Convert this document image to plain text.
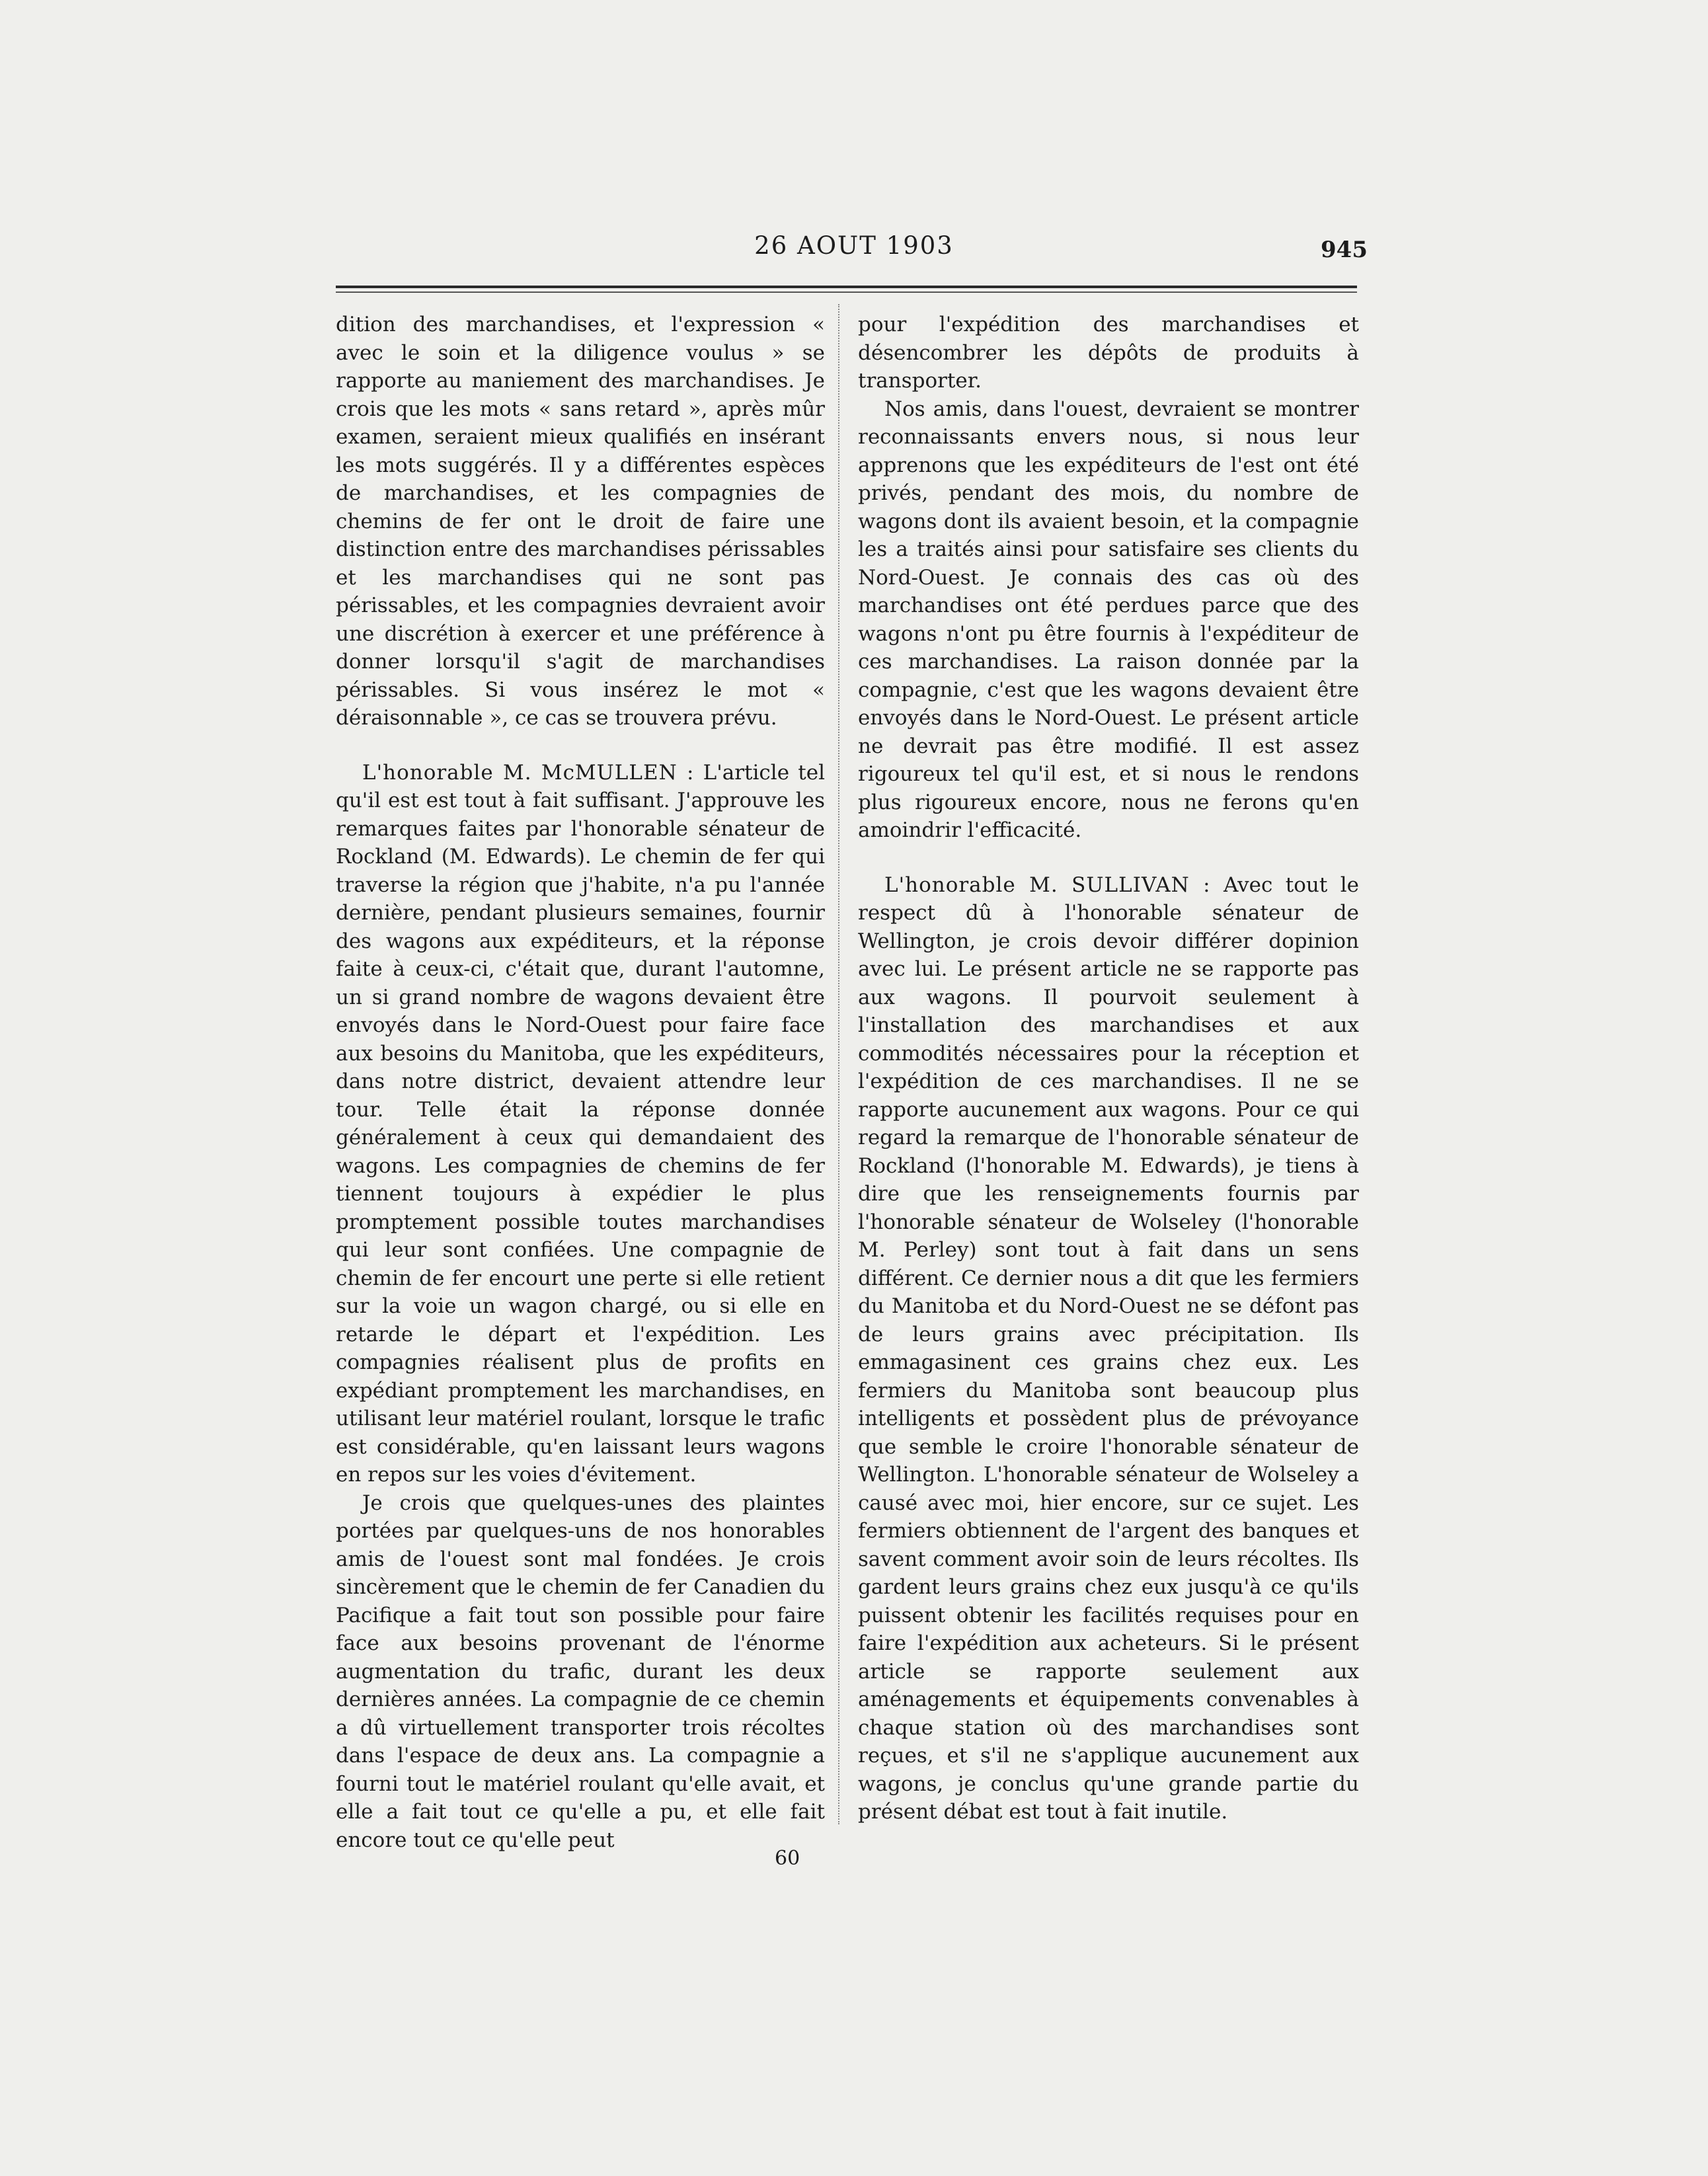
26 AOUT 1903	945

dition des marchandises, et l'expression « avec le soin et la diligence voulus » se rapporte au maniement des marchandises. Je crois que les mots « sans retard », après mûr examen, seraient mieux qualifiés en insérant les mots suggérés. Il y a différentes espèces de marchandises, et les compagnies de chemins de fer ont le droit de faire une distinction entre des marchandises périssables et les marchandises qui ne sont pas périssables, et les compagnies devraient avoir une discrétion à exercer et une préférence à donner lorsqu'il s'agit de marchandises périssables. Si vous insérez le mot « déraisonnable », ce cas se trouvera prévu.

L'honorable M. McMULLEN : L'article tel qu'il est est tout à fait suffisant. J'approuve les remarques faites par l'honorable sénateur de Rockland (M. Edwards). Le chemin de fer qui traverse la région que j'habite, n'a pu l'année dernière, pendant plusieurs semaines, fournir des wagons aux expéditeurs, et la réponse faite à ceux-ci, c'était que, durant l'automne, un si grand nombre de wagons devaient être envoyés dans le Nord-Ouest pour faire face aux besoins du Manitoba, que les expéditeurs, dans notre district, devaient attendre leur tour. Telle était la réponse donnée généralement à ceux qui demandaient des wagons. Les compagnies de chemins de fer tiennent toujours à expédier le plus promptement possible toutes marchandises qui leur sont confiées. Une compagnie de chemin de fer encourt une perte si elle retient sur la voie un wagon chargé, ou si elle en retarde le départ et l'expédition. Les compagnies réalisent plus de profits en expédiant promptement les marchandises, en utilisant leur matériel roulant, lorsque le trafic est considérable, qu'en laissant leurs wagons en repos sur les voies d'évitement.

Je crois que quelques-unes des plaintes portées par quelques-uns de nos honorables amis de l'ouest sont mal fondées. Je crois sincèrement que le chemin de fer Canadien du Pacifique a fait tout son possible pour faire face aux besoins provenant de l'énorme augmentation du trafic, durant les deux dernières années. La compagnie de ce chemin a dû virtuellement transporter trois récoltes dans l'espace de deux ans. La compagnie a fourni tout le matériel roulant qu'elle avait, et elle a fait tout ce qu'elle a pu, et elle fait encore tout ce qu'elle peut

pour l'expédition des marchandises et désencombrer les dépôts de produits à transporter.

Nos amis, dans l'ouest, devraient se montrer reconnaissants envers nous, si nous leur apprenons que les expéditeurs de l'est ont été privés, pendant des mois, du nombre de wagons dont ils avaient besoin, et la compagnie les a traités ainsi pour satisfaire ses clients du Nord-Ouest. Je connais des cas où des marchandises ont été perdues parce que des wagons n'ont pu être fournis à l'expéditeur de ces marchandises. La raison donnée par la compagnie, c'est que les wagons devaient être envoyés dans le Nord-Ouest. Le présent article ne devrait pas être modifié. Il est assez rigoureux tel qu'il est, et si nous le rendons plus rigoureux encore, nous ne ferons qu'en amoindrir l'efficacité.

L'honorable M. SULLIVAN : Avec tout le respect dû à l'honorable sénateur de Wellington, je crois devoir différer dopinion avec lui. Le présent article ne se rapporte pas aux wagons. Il pourvoit seulement à l'installation des marchandises et aux commodités nécessaires pour la réception et l'expédition de ces marchandises. Il ne se rapporte aucunement aux wagons. Pour ce qui regard la remarque de l'honorable sénateur de Rockland (l'honorable M. Edwards), je tiens à dire que les renseignements fournis par l'honorable sénateur de Wolseley (l'honorable M. Perley) sont tout à fait dans un sens différent. Ce dernier nous a dit que les fermiers du Manitoba et du Nord-Ouest ne se défont pas de leurs grains avec précipitation. Ils emmagasinent ces grains chez eux. Les fermiers du Manitoba sont beaucoup plus intelligents et possèdent plus de prévoyance que semble le croire l'honorable sénateur de Wellington. L'honorable sénateur de Wolseley a causé avec moi, hier encore, sur ce sujet. Les fermiers obtiennent de l'argent des banques et savent comment avoir soin de leurs récoltes. Ils gardent leurs grains chez eux jusqu'à ce qu'ils puissent obtenir les facilités requises pour en faire l'expédition aux acheteurs. Si le présent article se rapporte seulement aux aménagements et équipements convenables à chaque station où des marchandises sont reçues, et s'il ne s'applique aucunement aux wagons, je conclus qu'une grande partie du présent débat est tout à fait inutile.

60
